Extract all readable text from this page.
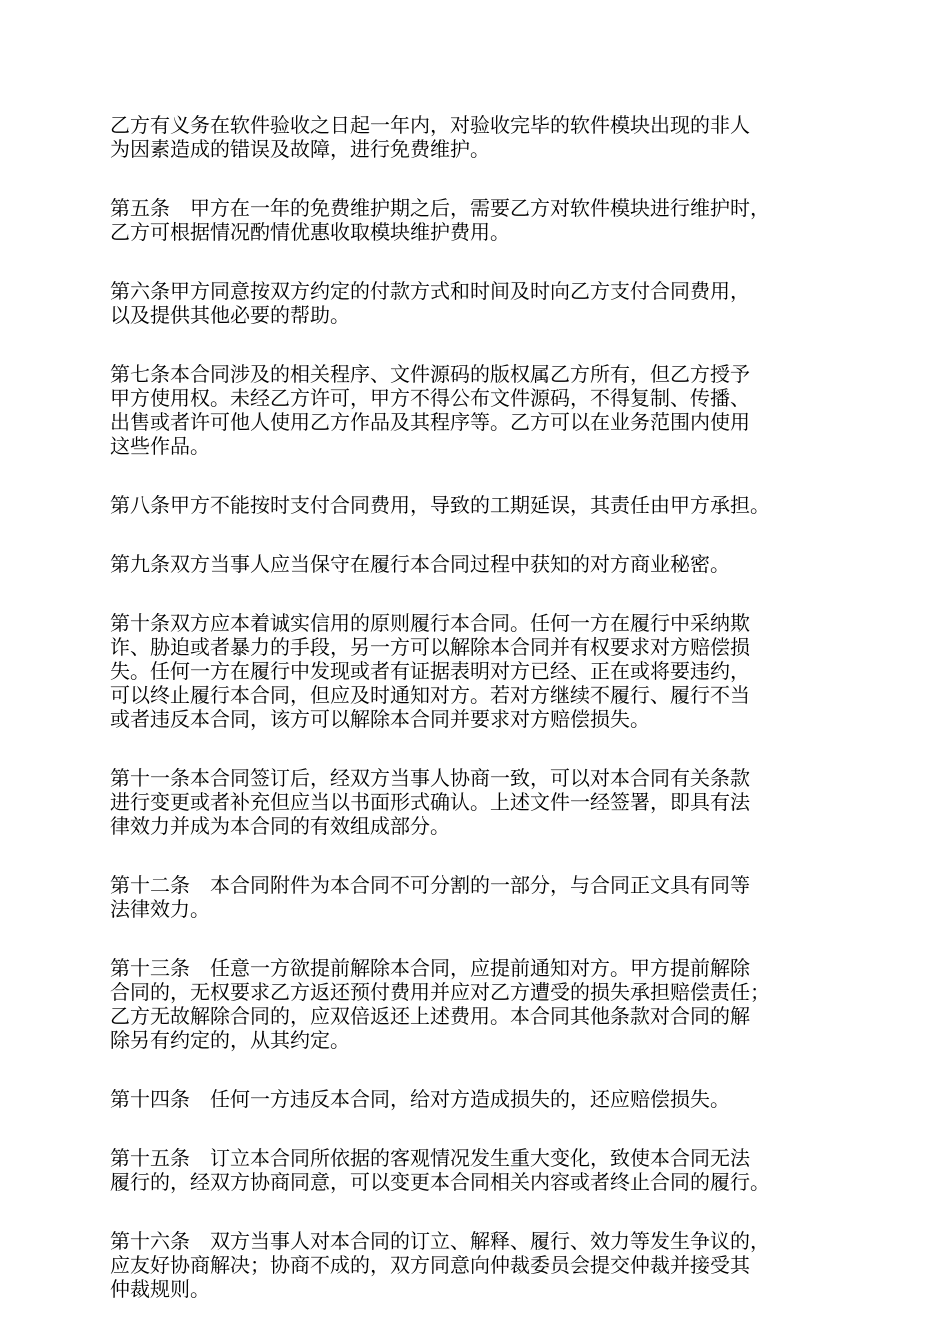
乙方有义务在软件验收之日起一年内，对验收完毕的软件模块出现的非人
为因素造成的错误及故障，进行免费维护。
第五条　甲方在一年的免费维护期之后，需要乙方对软件模块进行维护时，
乙方可根据情况酌情优惠收取模块维护费用。
第六条甲方同意按双方约定的付款方式和时间及时向乙方支付合同费用，
以及提供其他必要的帮助。
第七条本合同涉及的相关程序、文件源码的版权属乙方所有，但乙方授予
甲方使用权。未经乙方许可，甲方不得公布文件源码，不得复制、传播、
出售或者许可他人使用乙方作品及其程序等。乙方可以在业务范围内使用
这些作品。
第八条甲方不能按时支付合同费用，导致的工期延误，其责任由甲方承担。
第九条双方当事人应当保守在履行本合同过程中获知的对方商业秘密。
第十条双方应本着诚实信用的原则履行本合同。任何一方在履行中采纳欺
诈、胁迫或者暴力的手段，另一方可以解除本合同并有权要求对方赔偿损
失。任何一方在履行中发现或者有证据表明对方已经、正在或将要违约，
可以终止履行本合同，但应及时通知对方。若对方继续不履行、履行不当
或者违反本合同，该方可以解除本合同并要求对方赔偿损失。
第十一条本合同签订后，经双方当事人协商一致，可以对本合同有关条款
进行变更或者补充但应当以书面形式确认。上述文件一经签署，即具有法
律效力并成为本合同的有效组成部分。
第十二条　本合同附件为本合同不可分割的一部分，与合同正文具有同等
法律效力。
第十三条　任意一方欲提前解除本合同，应提前通知对方。甲方提前解除
合同的，无权要求乙方返还预付费用并应对乙方遭受的损失承担赔偿责任；
乙方无故解除合同的，应双倍返还上述费用。本合同其他条款对合同的解
除另有约定的，从其约定。
第十四条　任何一方违反本合同，给对方造成损失的，还应赔偿损失。
第十五条　订立本合同所依据的客观情况发生重大变化，致使本合同无法
履行的，经双方协商同意，可以变更本合同相关内容或者终止合同的履行。
第十六条　双方当事人对本合同的订立、解释、履行、效力等发生争议的，
应友好协商解决；协商不成的，双方同意向仲裁委员会提交仲裁并接受其
仲裁规则。
